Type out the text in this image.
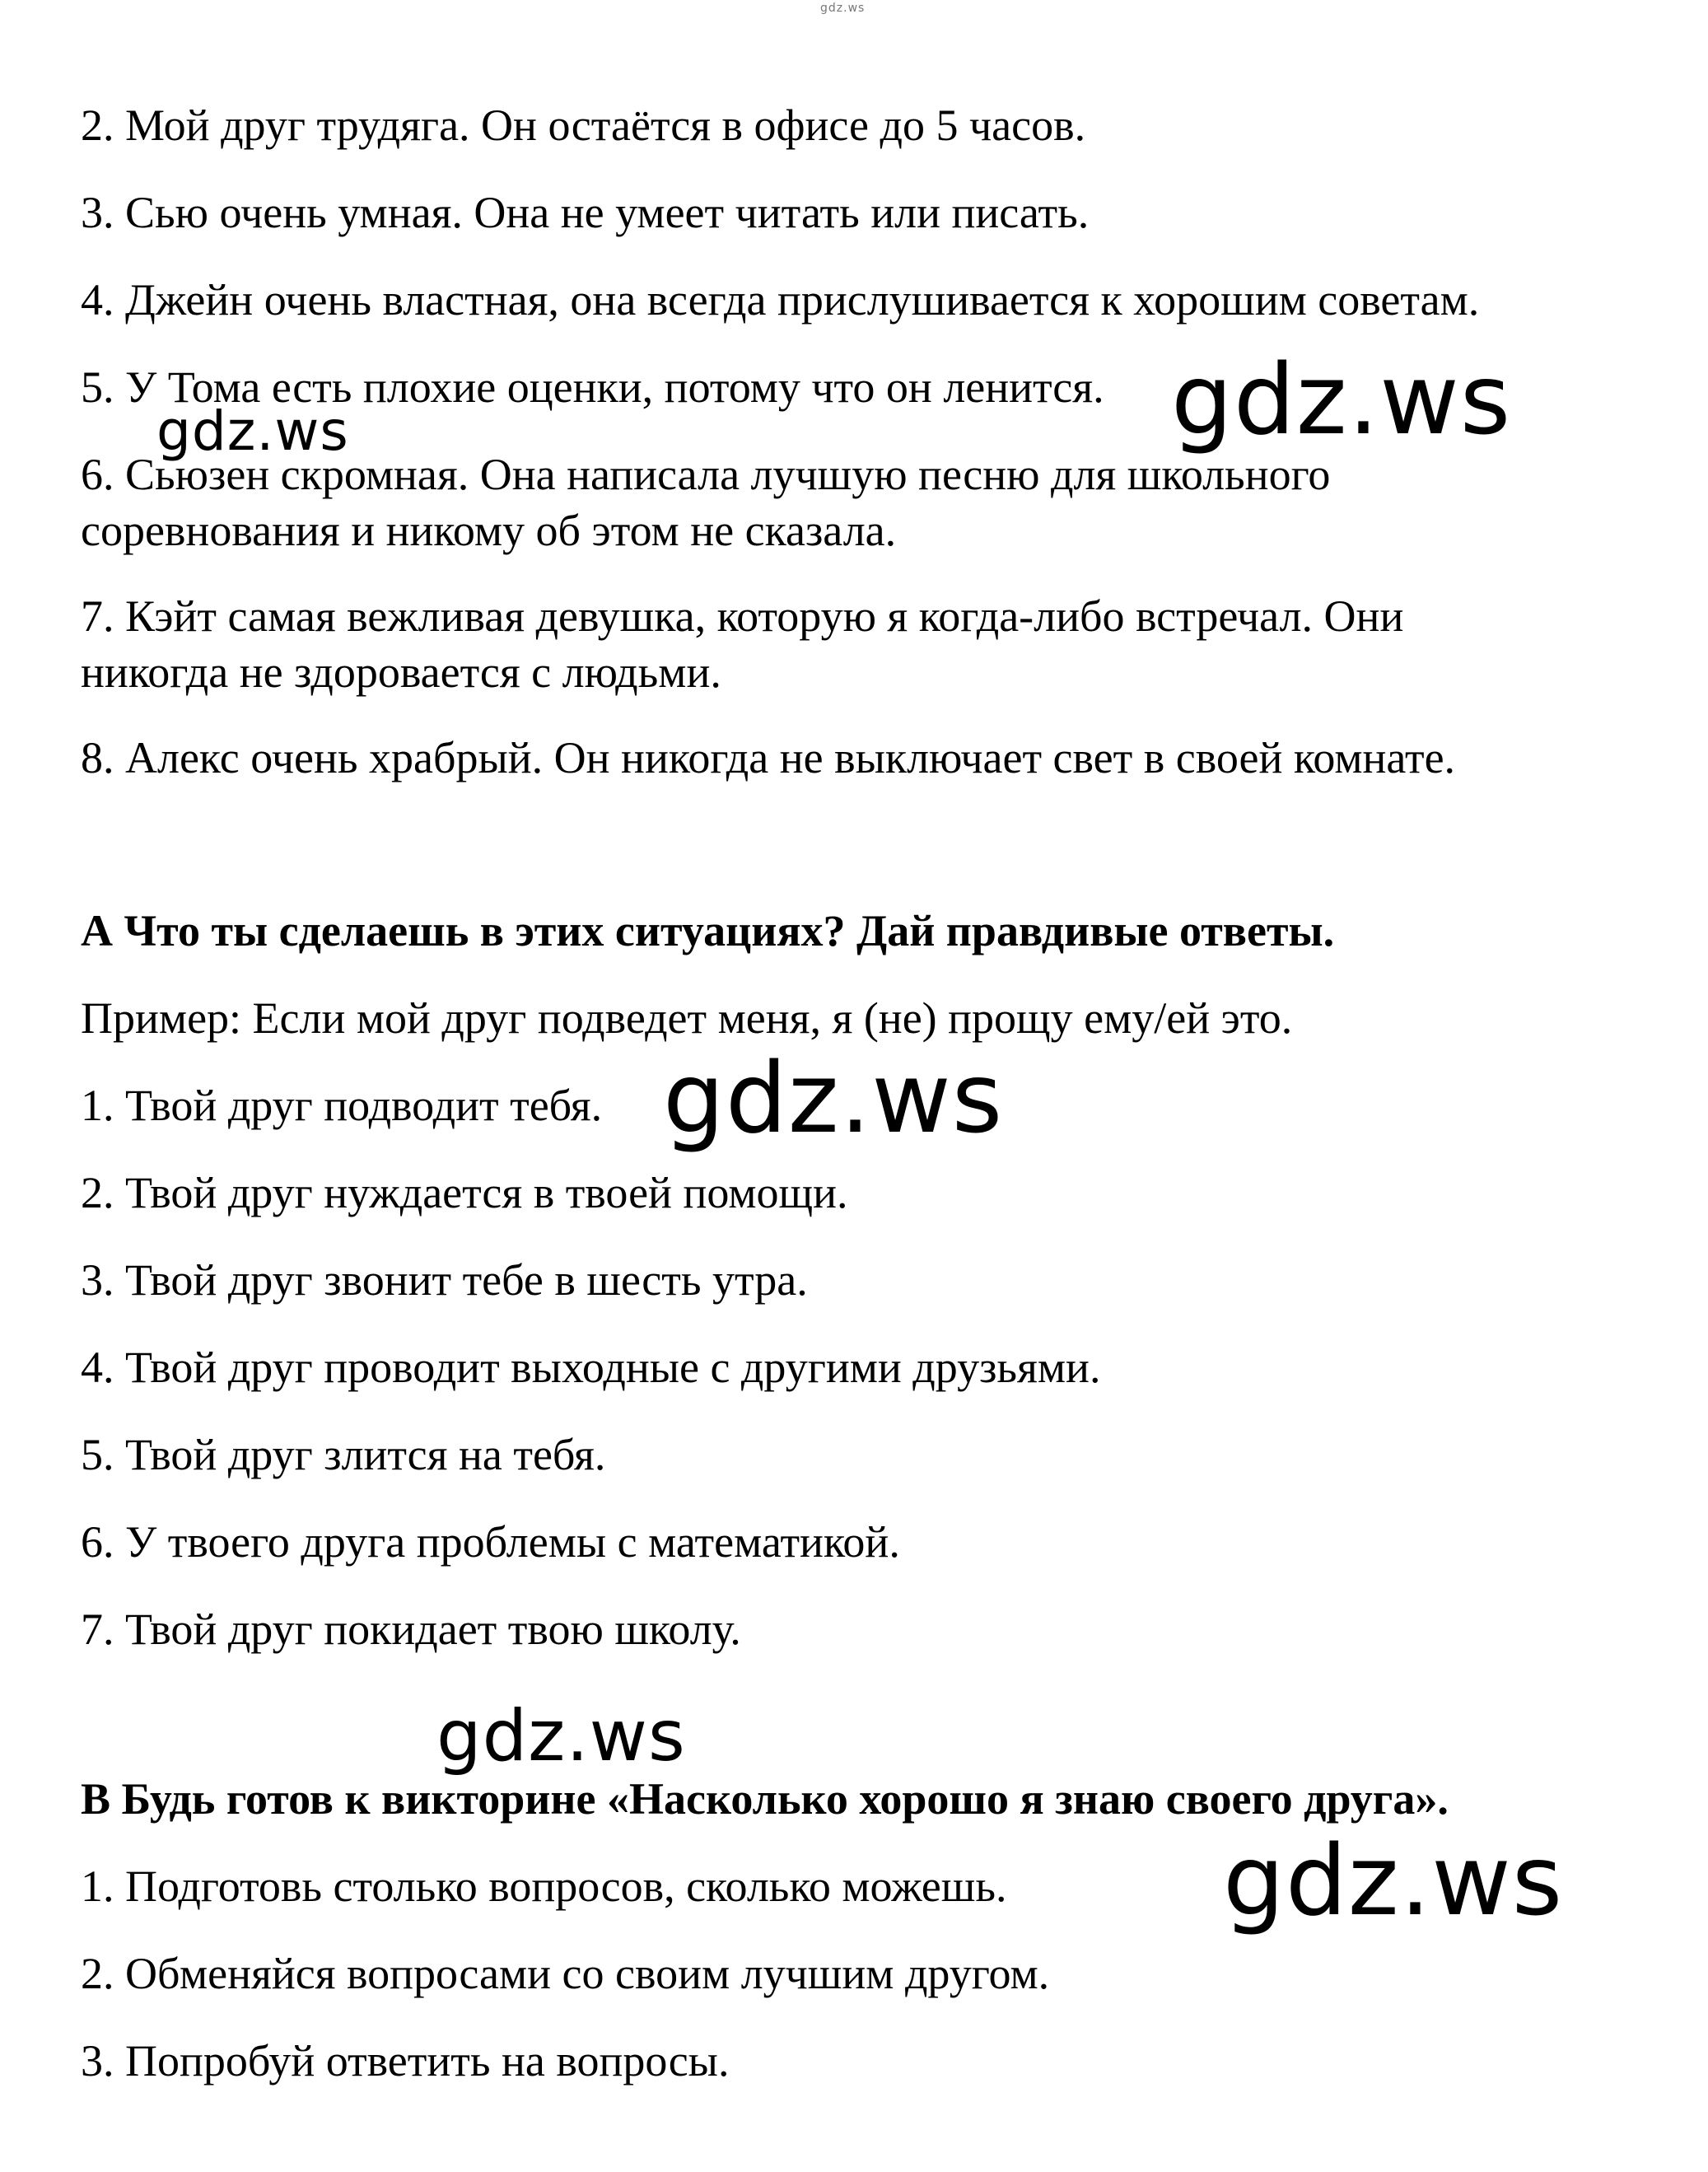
gdz.ws
2. Мой друг трудяга. Он остаётся в офисе до 5 часов.
3. Сью очень умная. Она не умеет читать или писать.
4. Джейн очень властная, она всегда прислушивается к хорошим советам.
5. У Тома есть плохие оценки, потому что он ленится.
6. Сьюзен скромная. Она написала лучшую песню для школьного
соревнования и никому об этом не сказала.
7. Кэйт самая вежливая девушка, которую я когда-либо встречал. Они
никогда не здоровается с людьми.
8. Алекс очень храбрый. Он никогда не выключает свет в своей комнате.
А Что ты сделаешь в этих ситуациях? Дай правдивые ответы.
Пример: Если мой друг подведет меня, я (не) прощу ему/ей это.
1. Твой друг подводит тебя.
2. Твой друг нуждается в твоей помощи.
3. Твой друг звонит тебе в шесть утра.
4. Твой друг проводит выходные с другими друзьями.
5. Твой друг злится на тебя.
6. У твоего друга проблемы с математикой.
7. Твой друг покидает твою школу.
В Будь готов к викторине «Насколько хорошо я знаю своего друга».
1. Подготовь столько вопросов, сколько можешь.
2. Обменяйся вопросами со своим лучшим другом.
3. Попробуй ответить на вопросы.
gdz.ws	gdz.ws
gdz.ws
gdz.ws
gdz.ws
